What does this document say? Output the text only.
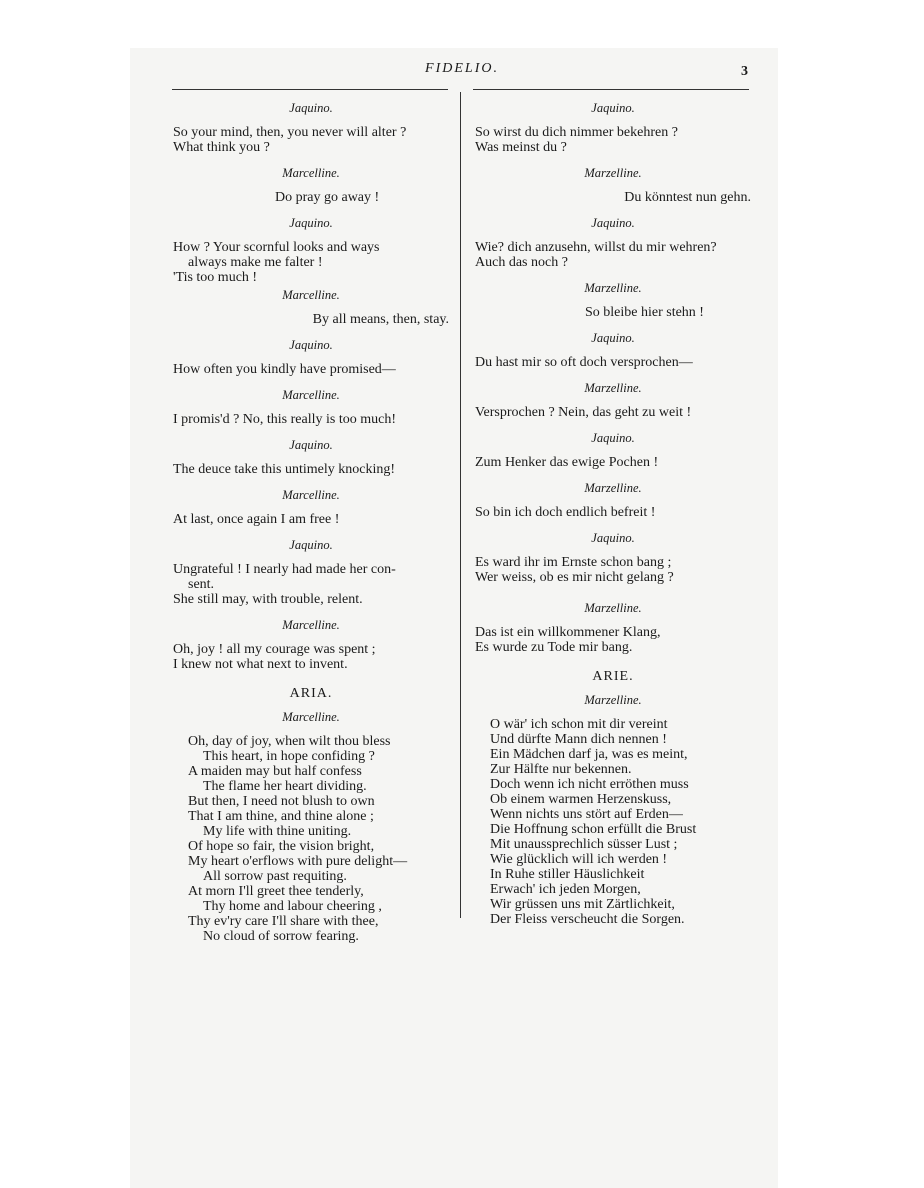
FIDELIO.	3

Jaquino.

So your mind, then, you never will alter ?

What think you ?

Marcelline.

Do pray go away !

Jaquino.

How ? Your scornful looks and ways

always make me falter !

'Tis too much !

Marcelline.

By all means, then, stay.

Jaquino.

How often you kindly have promised—

Marcelline.

I promis'd ? No, this really is too much!

Jaquino.

The deuce take this untimely knocking!

Marcelline.

At last, once again I am free !

Jaquino.

Ungrateful ! I nearly had made her con-

sent.

She still may, with trouble, relent.

Marcelline.

Oh, joy ! all my courage was spent ;

I knew not what next to invent.

ARIA.

Marcelline.

Oh, day of joy, when wilt thou bless

This heart, in hope confiding ?

A maiden may but half confess

The flame her heart dividing.

But then, I need not blush to own

That I am thine, and thine alone ;

My life with thine uniting.

Of hope so fair, the vision bright,

My heart o'erflows with pure delight—

All sorrow past requiting.

At morn I'll greet thee tenderly,

Thy home and labour cheering ,

Thy ev'ry care I'll share with thee,

No cloud of sorrow fearing.

Jaquino.

So wirst du dich nimmer bekehren ?

Was meinst du ?

Marzelline.

Du könntest nun gehn.

Jaquino.

Wie? dich anzusehn, willst du mir wehren?

Auch das noch ?

Marzelline.

So bleibe hier stehn !

Jaquino.

Du hast mir so oft doch versprochen—

Marzelline.

Versprochen ? Nein, das geht zu weit !

Jaquino.

Zum Henker das ewige Pochen !

Marzelline.

So bin ich doch endlich befreit !

Jaquino.

Es ward ihr im Ernste schon bang ;

Wer weiss, ob es mir nicht gelang ?

Marzelline.

Das ist ein willkommener Klang,

Es wurde zu Tode mir bang.

ARIE.

Marzelline.

O wär' ich schon mit dir vereint

Und dürfte Mann dich nennen !

Ein Mädchen darf ja, was es meint,

Zur Hälfte nur bekennen.

Doch wenn ich nicht erröthen muss

Ob einem warmen Herzenskuss,

Wenn nichts uns stört auf Erden—

Die Hoffnung schon erfüllt die Brust

Mit unaussprechlich süsser Lust ;

Wie glücklich will ich werden !

In Ruhe stiller Häuslichkeit

Erwach' ich jeden Morgen,

Wir grüssen uns mit Zärtlichkeit,

Der Fleiss verscheucht die Sorgen.
